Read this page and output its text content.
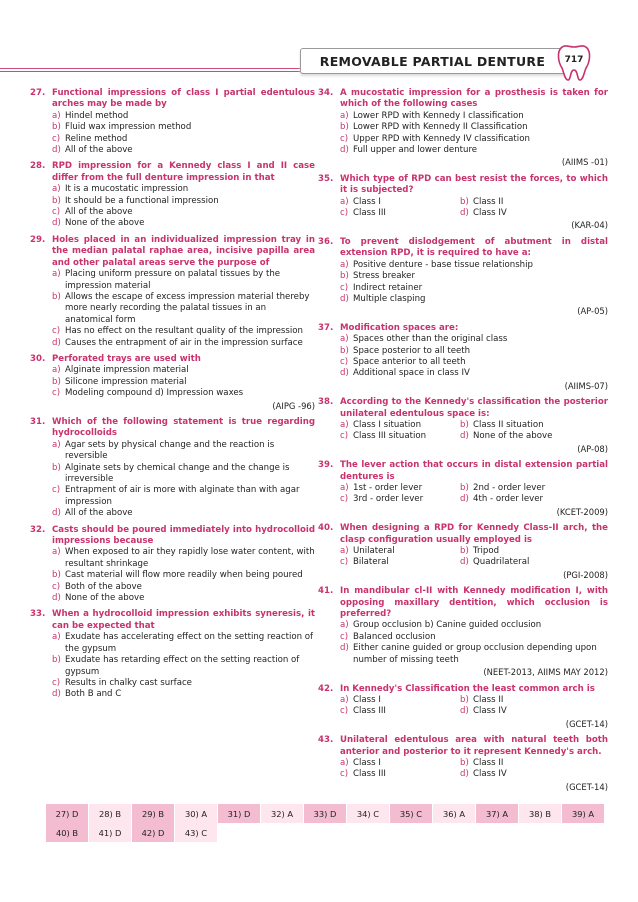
REMOVABLE PARTIAL DENTURE	717
27. Functional impressions of class I partial edentulous arches may be made by
a) Hindel method
b) Fluid wax impression method
c) Reline method
d) All of the above
28. RPD impression for a Kennedy class I and II case differ from the full denture impression in that
a) It is a mucostatic impression
b) It should be a functional impression
c) All of the above
d) None of the above
29. Holes placed in an individualized impression tray in the median palatal raphae area, incisive papilla area and other palatal areas serve the purpose of
a) Placing uniform pressure on palatal tissues by the impression material
b) Allows the escape of excess impression material thereby more nearly recording the palatal tissues in an anatomical form
c) Has no effect on the resultant quality of the impression
d) Causes the entrapment of air in the impression surface
30. Perforated trays are used with
a) Alginate impression material
b) Silicone impression material
c) Modeling compound d) Impression waxes
(AIPG -96)
31. Which of the following statement is true regarding hydrocolloids
a) Agar sets by physical change and the reaction is reversible
b) Alginate sets by chemical change and the change is irreversible
c) Entrapment of air is more with alginate than with agar impression
d) All of the above
32. Casts should be poured immediately into hydrocolloid impressions because
a) When exposed to air they rapidly lose water content, with resultant shrinkage
b) Cast material will flow more readily when being poured
c) Both of the above
d) None of the above
33. When a hydrocolloid impression exhibits syneresis, it can be expected that
a) Exudate has accelerating effect on the setting reaction of the gypsum
b) Exudate has retarding effect on the setting reaction of gypsum
c) Results in chalky cast surface
d) Both B and C
34. A mucostatic impression for a prosthesis is taken for which of the following cases
a) Lower RPD with Kennedy I classification
b) Lower RPD with Kennedy II Classification
c) Upper RPD with Kennedy IV classification
d) Full upper and lower denture
(AIIMS -01)
35. Which type of RPD can best resist the forces, to which it is subjected?
a) Class I	b) Class II
c) Class III	d) Class IV
(KAR-04)
36. To prevent dislodgement of abutment in distal extension RPD, it is required to have a:
a) Positive denture - base tissue relationship
b) Stress breaker
c) Indirect retainer
d) Multiple clasping
(AP-05)
37. Modification spaces are:
a) Spaces other than the original class
b) Space posterior to all teeth
c) Space anterior to all teeth
d) Additional space in class IV
(AIIMS-07)
38. According to the Kennedy's classification the posterior unilateral edentulous space is:
a) Class I situation	b) Class II situation
c) Class III situation	d) None of the above
(AP-08)
39. The lever action that occurs in distal extension partial dentures is
a) 1st - order lever	b) 2nd - order lever
c) 3rd - order lever	d) 4th - order lever
(KCET-2009)
40. When designing a RPD for Kennedy Class-II arch, the clasp configuration usually employed is
a) Unilateral	b) Tripod
c) Bilateral	d) Quadrilateral
(PGI-2008)
41. In mandibular cl-II with Kennedy modification I, with opposing maxillary dentition, which occlusion is preferred?
a) Group occlusion b) Canine guided occlusion
c) Balanced occlusion
d) Either canine guided or group occlusion depending upon number of missing teeth
(NEET-2013, AIIMS MAY 2012)
42. In Kennedy's Classification the least common arch is
a) Class I	b) Class II
c) Class III	d) Class IV
(GCET-14)
43. Unilateral edentulous area with natural teeth both anterior and posterior to it represent Kennedy's arch.
a) Class I	b) Class II
c) Class III	d) Class IV
(GCET-14)
27) D	28) B	29) B	30) A	31) D	32) A	33) D	34) C	35) C	36) A	37) A	38) B	39) A
40) B	41) D	42) D	43) C
